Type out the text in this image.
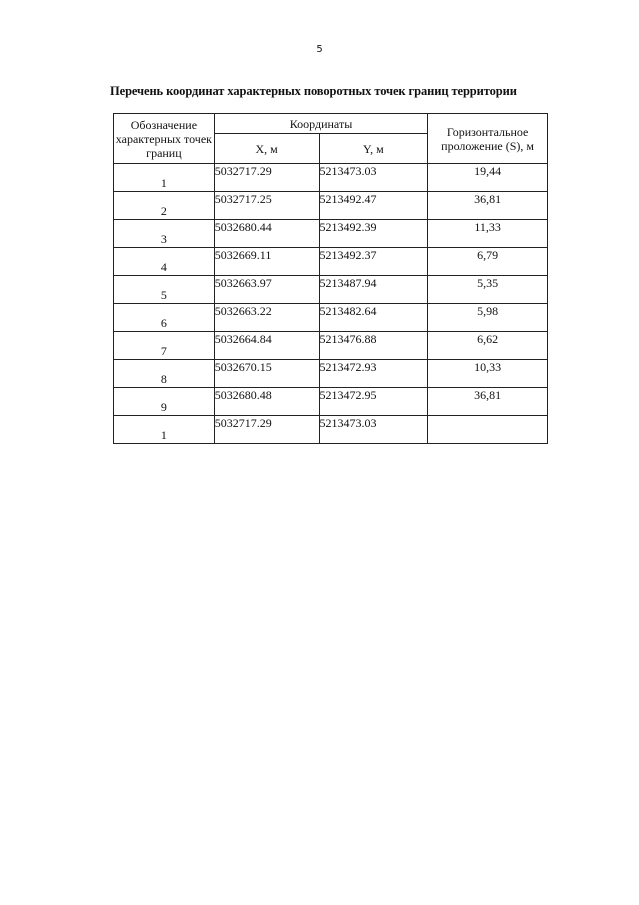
5
Перечень координат характерных поворотных точек границ территории
Обозначение характерных точек границ	Координаты		Горизонтальное проложение (S), м
	X, м	Y, м	
1	5032717.29	5213473.03	19,44
2	5032717.25	5213492.47	36,81
3	5032680.44	5213492.39	11,33
4	5032669.11	5213492.37	6,79
5	5032663.97	5213487.94	5,35
6	5032663.22	5213482.64	5,98
7	5032664.84	5213476.88	6,62
8	5032670.15	5213472.93	10,33
9	5032680.48	5213472.95	36,81
1	5032717.29	5213473.03	
